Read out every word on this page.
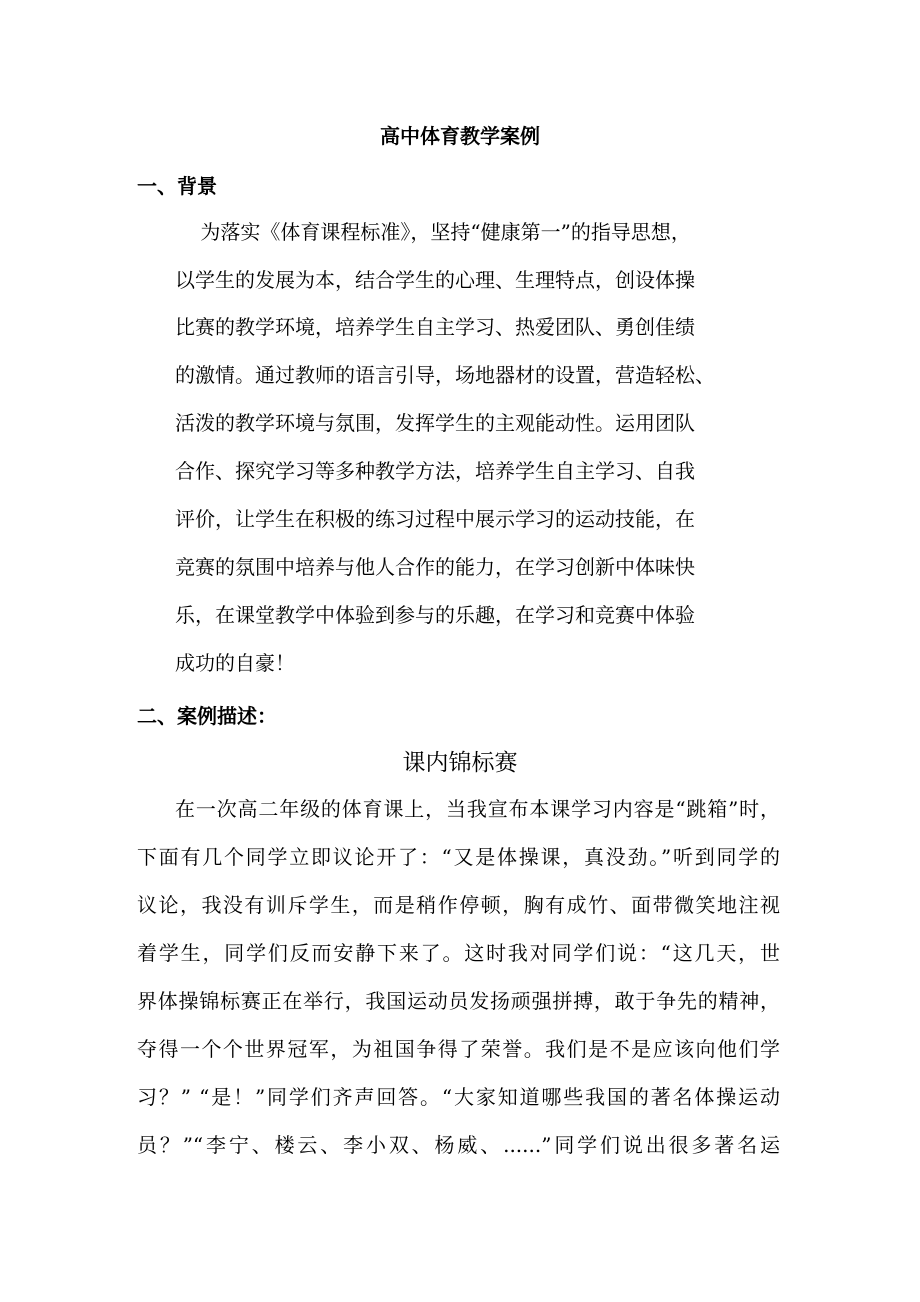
高中体育教学案例
一、背景
为落实《体育课程标准》，坚持“健康第一”的指导思想，
以学生的发展为本，结合学生的心理、生理特点，创设体操
比赛的教学环境，培养学生自主学习、热爱团队、勇创佳绩
的激情。通过教师的语言引导，场地器材的设置，营造轻松、
活泼的教学环境与氛围，发挥学生的主观能动性。运用团队
合作、探究学习等多种教学方法，培养学生自主学习、自我
评价，让学生在积极的练习过程中展示学习的运动技能，在
竞赛的氛围中培养与他人合作的能力，在学习创新中体味快
乐，在课堂教学中体验到参与的乐趣，在学习和竞赛中体验
成功的自豪！
二、案例描述：
课内锦标赛
在一次高二年级的体育课上，当我宣布本课学习内容是“跳箱”时，
下面有几个同学立即议论开了：“又是体操课，真没劲。”听到同学的
议论，我没有训斥学生，而是稍作停顿，胸有成竹、面带微笑地注视
着学生，同学们反而安静下来了。这时我对同学们说：“这几天，世
界体操锦标赛正在举行，我国运动员发扬顽强拼搏，敢于争先的精神，
夺得一个个世界冠军，为祖国争得了荣誉。我们是不是应该向他们学
习？” “是！”同学们齐声回答。“大家知道哪些我国的著名体操运动
员？”“李宁、楼云、李小双、杨威、......”同学们说出很多著名运
